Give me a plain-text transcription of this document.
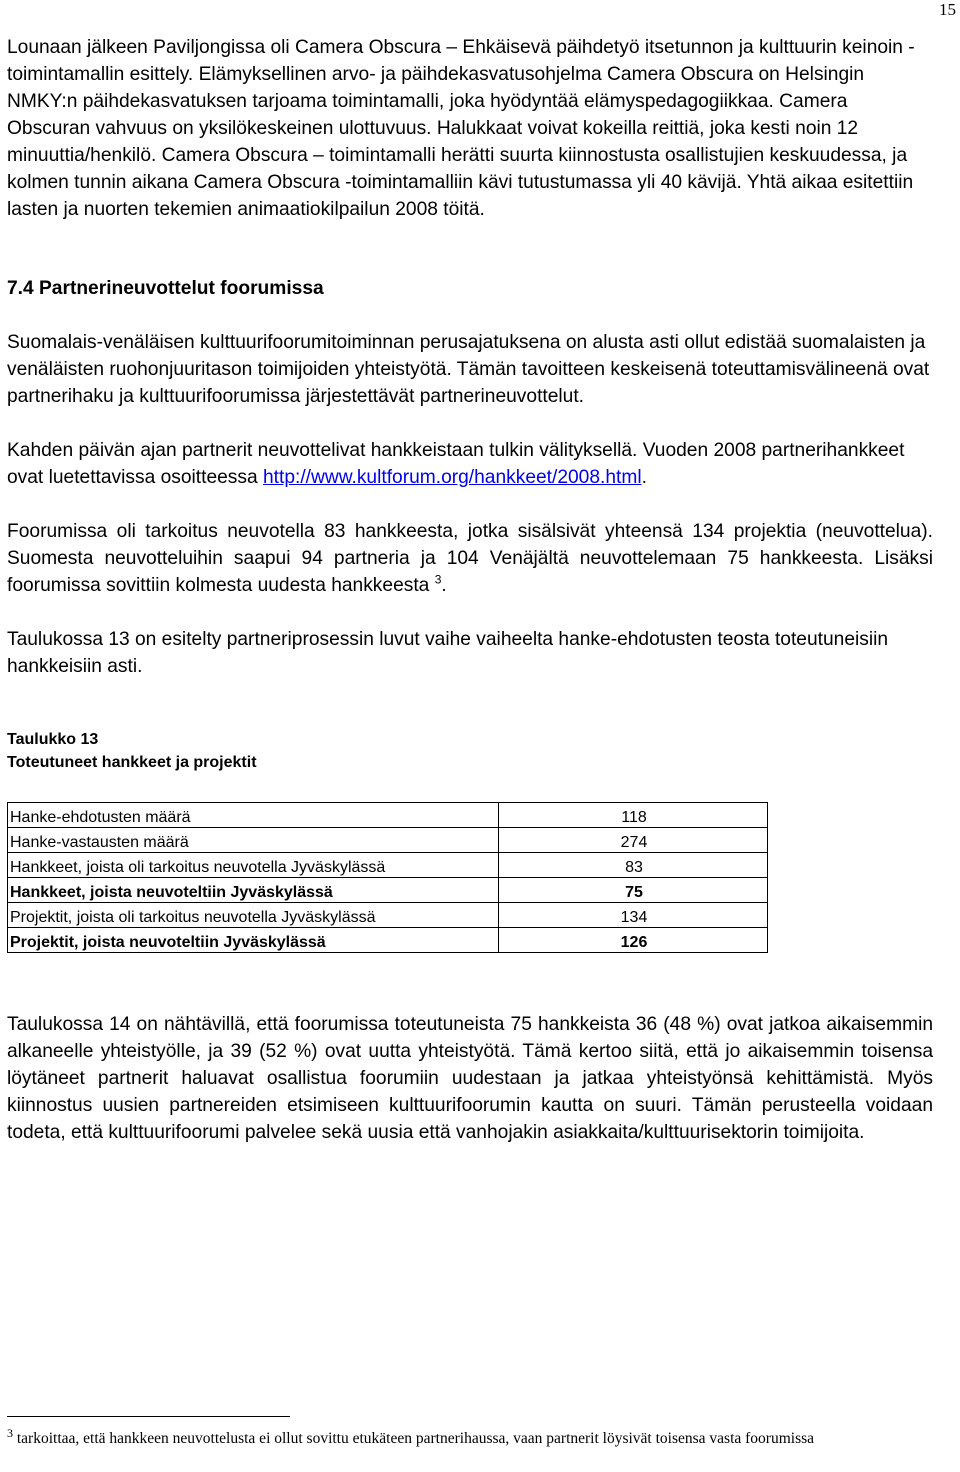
15

Lounaan jälkeen Paviljongissa oli Camera Obscura – Ehkäisevä päihdetyö itsetunnon ja kulttuurin keinoin -toimintamallin esittely. Elämyksellinen arvo- ja päihdekasvatusohjelma Camera Obscura on Helsingin NMKY:n päihdekasvatuksen tarjoama toimintamalli, joka hyödyntää elämyspedagogiikkaa. Camera Obscuran vahvuus on yksilökeskeinen ulottuvuus. Halukkaat voivat kokeilla reittiä, joka kesti noin 12 minuuttia/henkilö. Camera Obscura – toimintamalli herätti suurta kiinnostusta osallistujien keskuudessa, ja kolmen tunnin aikana Camera Obscura -toimintamalliin kävi tutustumassa yli 40 kävijä. Yhtä aikaa esitettiin lasten ja nuorten tekemien animaatiokilpailun 2008 töitä.

7.4 Partnerineuvottelut foorumissa

Suomalais-venäläisen kulttuurifoorumitoiminnan perusajatuksena on alusta asti ollut edistää suomalaisten ja venäläisten ruohonjuuritason toimijoiden yhteistyötä. Tämän tavoitteen keskeisenä toteuttamisvälineenä ovat partnerihaku ja kulttuurifoorumissa järjestettävät partnerineuvottelut.

Kahden päivän ajan partnerit neuvottelivat hankkeistaan tulkin välityksellä. Vuoden 2008 partnerihankkeet ovat luetettavissa osoitteessa http://www.kultforum.org/hankkeet/2008.html.

Foorumissa oli tarkoitus neuvotella 83 hankkeesta, jotka sisälsivät yhteensä 134 projektia (neuvottelua). Suomesta neuvotteluihin saapui 94 partneria ja 104 Venäjältä neuvottelemaan 75 hankkeesta. Lisäksi foorumissa sovittiin kolmesta uudesta hankkeesta $^3$.

Taulukossa 13 on esitelty partneriprosessin luvut vaihe vaiheelta hanke-ehdotusten teosta toteutuneisiin hankkeisiin asti.

Taulukko 13

Toteutuneet hankkeet ja projektit

Hanke-ehdotusten määrä	118
Hanke-vastausten määrä	274
Hankkeet, joista oli tarkoitus neuvotella Jyväskylässä	83
Hankkeet, joista neuvoteltiin Jyväskylässä	75
Projektit, joista oli tarkoitus neuvotella Jyväskylässä	134
Projektit, joista neuvoteltiin Jyväskylässä	126

Taulukossa 14 on nähtävillä, että foorumissa toteutuneista 75 hankkeista 36 (48 %) ovat jatkoa aikaisemmin alkaneelle yhteistyölle, ja 39 (52 %) ovat uutta yhteistyötä. Tämä kertoo siitä, että jo aikaisemmin toisensa löytäneet partnerit haluavat osallistua foorumiin uudestaan ja jatkaa yhteistyönsä kehittämistä. Myös kiinnostus uusien partnereiden etsimiseen kulttuurifoorumin kautta on suuri. Tämän perusteella voidaan todeta, että kulttuurifoorumi palvelee sekä uusia että vanhojakin asiakkaita/kulttuurisektorin toimijoita.

$^3$ tarkoittaa, että hankkeen neuvottelusta ei ollut sovittu etukäteen partnerihaussa, vaan partnerit löysivät toisensa vasta foorumissa
